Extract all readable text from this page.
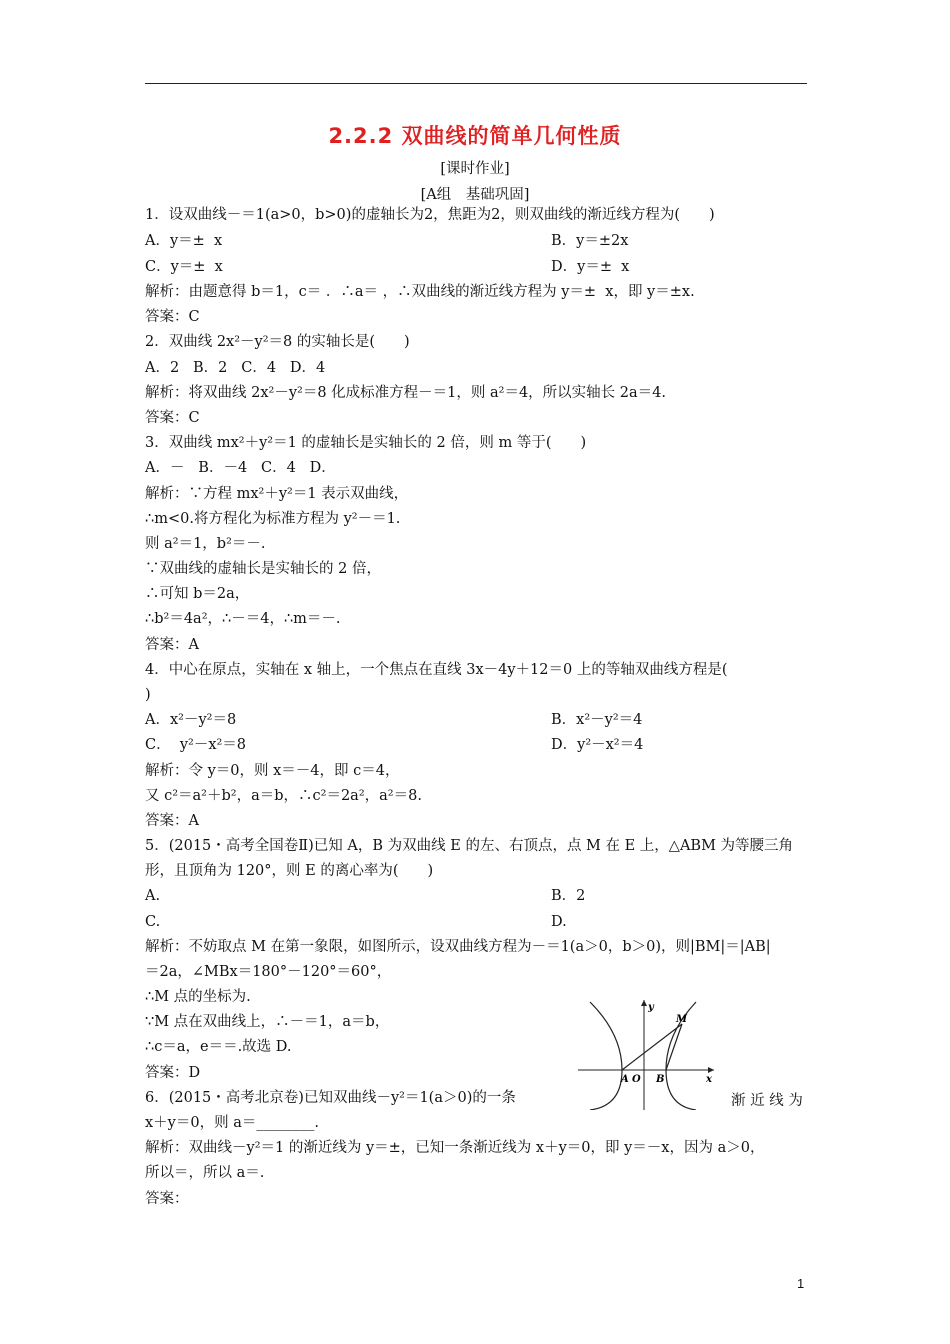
2.2.2 双曲线的简单几何性质
[课时作业]
[A组　基础巩固]
1．设双曲线－＝1(a>0，b>0)的虚轴长为2，焦距为2，则双曲线的渐近线方程为(　　)
A．y＝±  x	B．y＝±2x
C．y＝±  x	D．y＝±  x
解析：由题意得 b＝1，c＝ ．∴a＝ ，∴双曲线的渐近线方程为 y＝±  x，即 y＝±x.
答案：C
2．双曲线 2x²－y²＝8 的实轴长是(　　)
A．2   B．2   C．4   D．4
解析：将双曲线 2x²－y²＝8 化成标准方程－＝1，则 a²＝4，所以实轴长 2a＝4.
答案：C
3．双曲线 mx²＋y²＝1 的虚轴长是实轴长的 2 倍，则 m 等于(　　)
A．－   B．－4   C．4   D．
解析：∵方程 mx²＋y²＝1 表示双曲线，
∴m<0.将方程化为标准方程为 y²－＝1.
则 a²＝1，b²＝－.
∵双曲线的虚轴长是实轴长的 2 倍，
∴可知 b＝2a，
∴b²＝4a²，∴－＝4，∴m＝－.
答案：A
4．中心在原点，实轴在 x 轴上，一个焦点在直线 3x－4y＋12＝0 上的等轴双曲线方程是(
)
A．x²－y²＝8	B．x²－y²＝4
C．  y²－x²＝8	D．y²－x²＝4
解析：令 y＝0，则 x＝－4，即 c＝4，
又 c²＝a²＋b²，a＝b，∴c²＝2a²，a²＝8.
答案：A
5．(2015・高考全国卷Ⅱ)已知 A，B 为双曲线 E 的左、右顶点，点 M 在 E 上，△ABM 为等腰三角
形，且顶角为 120°，则 E 的离心率为(　　)
A.	B．2
C.	D.
解析：不妨取点 M 在第一象限，如图所示，设双曲线方程为－＝1(a＞0，b＞0)，则|BM|＝|AB|
＝2a，∠MBx＝180°－120°＝60°，
∴M 点的坐标为.
∵M 点在双曲线上，∴－＝1，a＝b，
∴c＝a，e＝＝.故选 D.
答案：D
6．(2015・高考北京卷)已知双曲线－y²＝1(a＞0)的一条	渐 近 线 为
x＋y＝0，则 a＝________.
解析：双曲线－y²＝1 的渐近线为 y＝±，已知一条渐近线为 x＋y＝0，即 y＝－x，因为 a＞0，
所以＝，所以 a＝.
答案：
y
M
A O B	x
1
